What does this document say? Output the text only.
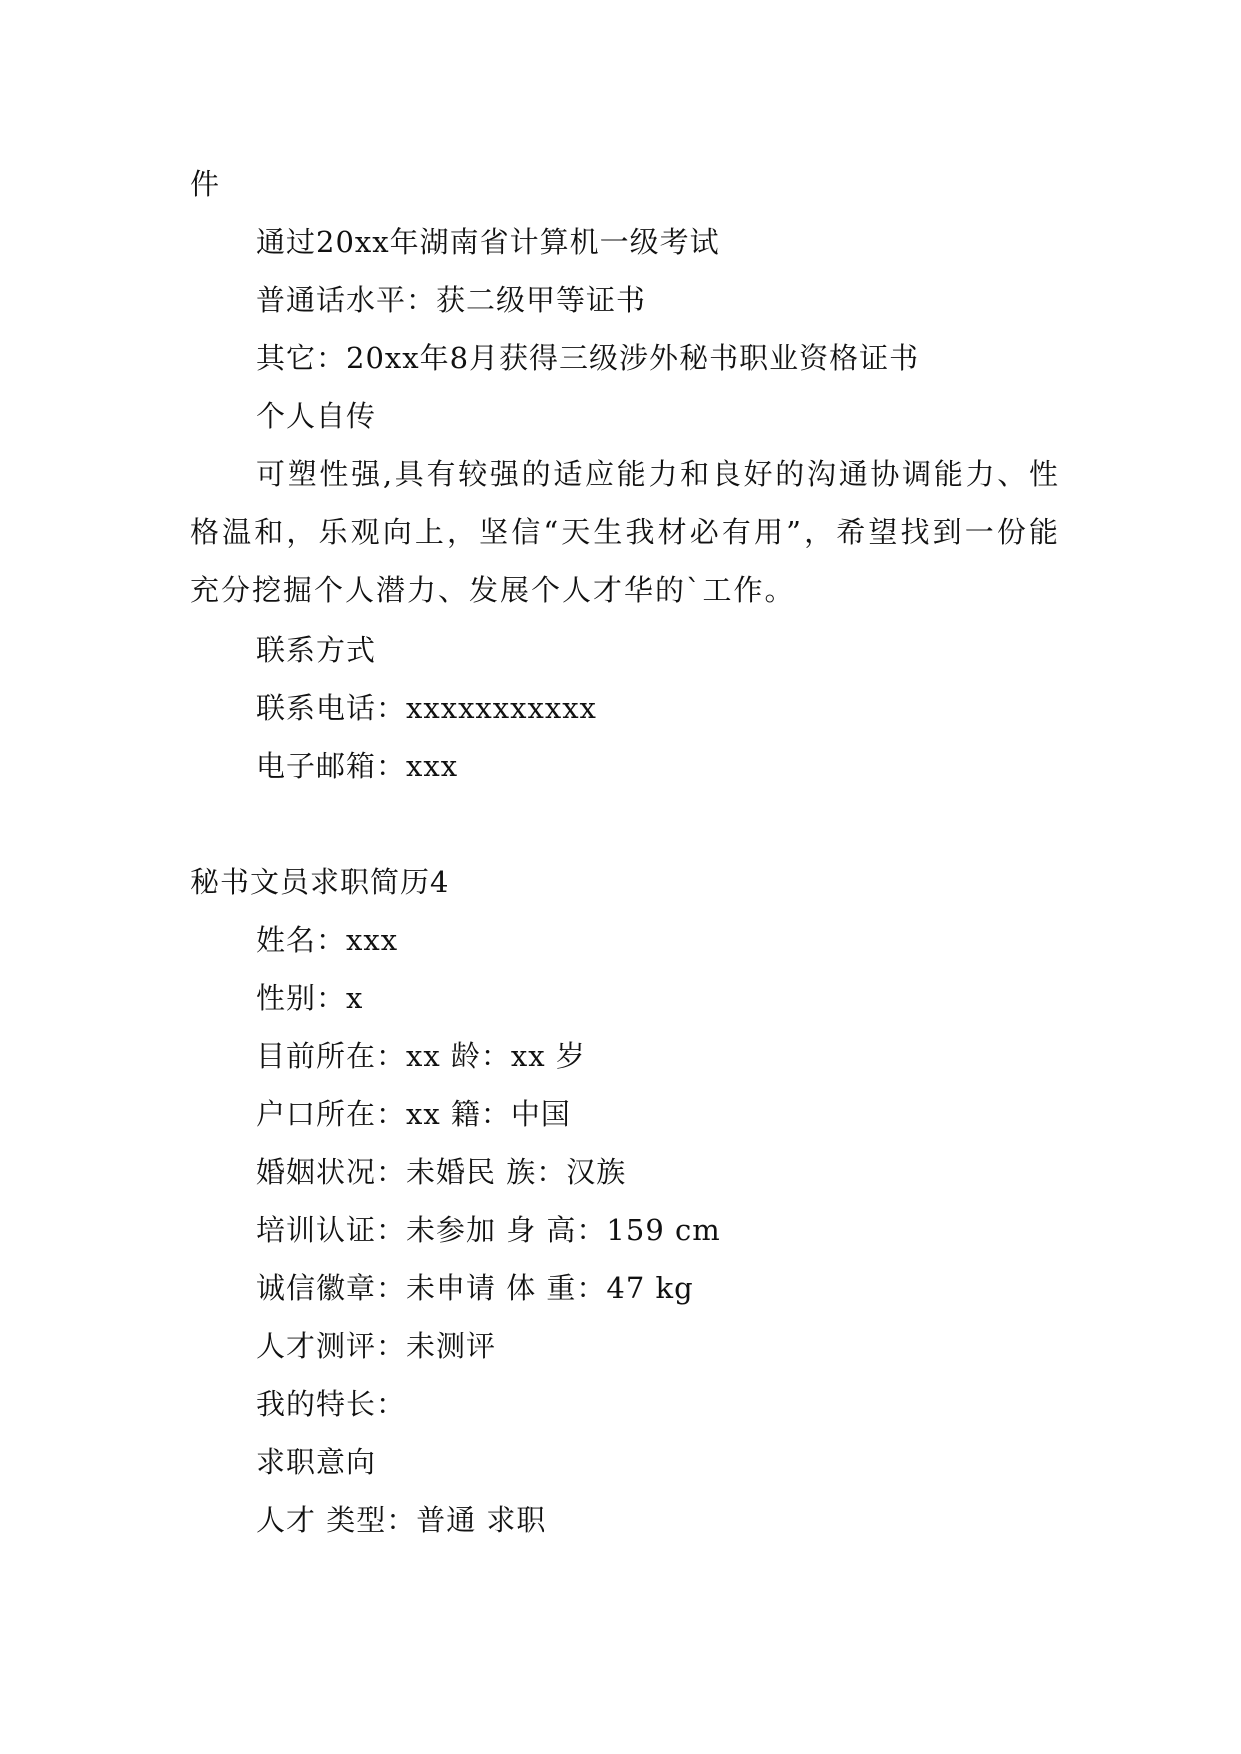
件
通过20xx年湖南省计算机一级考试
普通话水平：获二级甲等证书
其它：20xx年8月获得三级涉外秘书职业资格证书
个人自传
可塑性强,具有较强的适应能力和良好的沟通协调能力、性格温和，乐观向上，坚信“天生我材必有用”，希望找到一份能充分挖掘个人潜力、发展个人才华的`工作。
联系方式
联系电话：xxxxxxxxxxx
电子邮箱：xxx
秘书文员求职简历4
姓名：xxx
性别：x
目前所在：xx 龄：xx 岁
户口所在：xx 籍：中国
婚姻状况：未婚民 族：汉族
培训认证：未参加 身 高：159 cm
诚信徽章：未申请 体 重：47 kg
人才测评：未测评
我的特长：
求职意向
人才 类型：普通 求职
